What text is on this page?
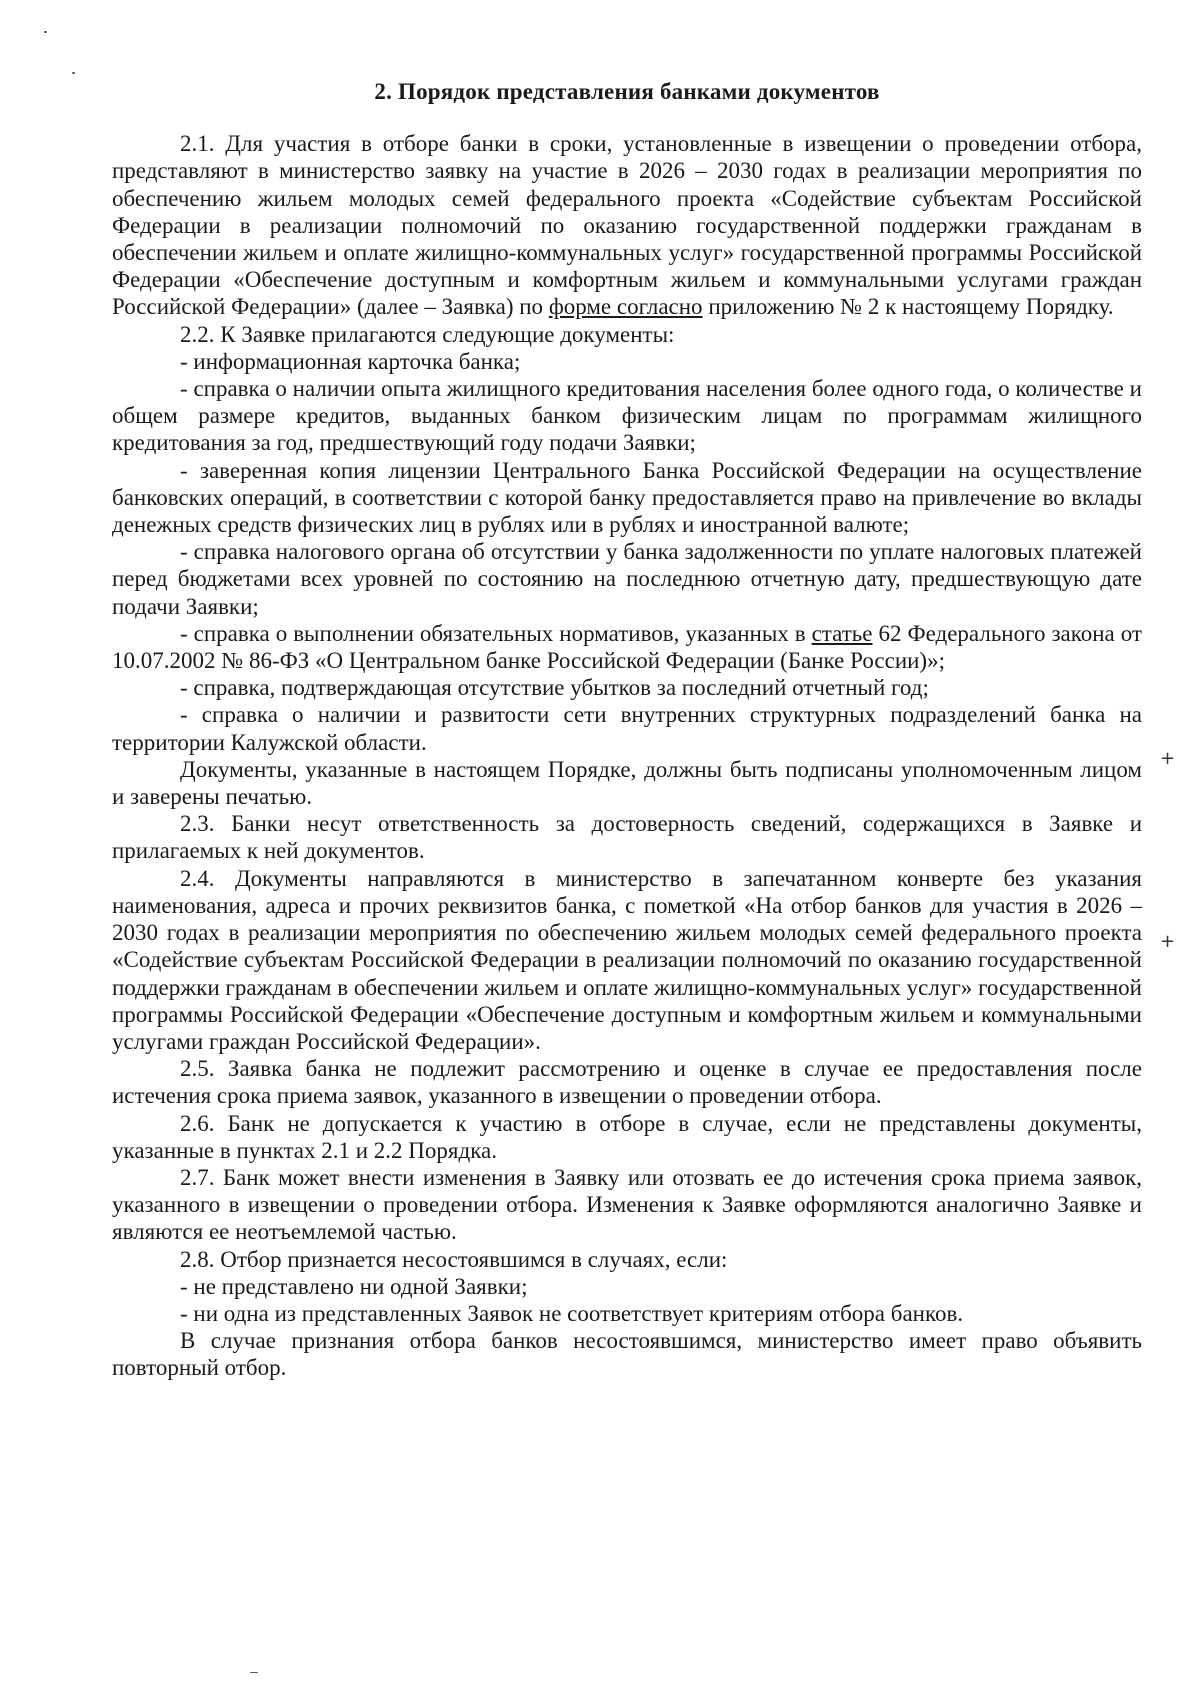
2. Порядок представления банками документов

2.1. Для участия в отборе банки в сроки, установленные в извещении о проведении отбора, представляют в министерство заявку на участие в 2026 – 2030 годах в реализации мероприятия по обеспечению жильем молодых семей федерального проекта «Содействие субъектам Российской Федерации в реализации полномочий по оказанию государственной поддержки гражданам в обеспечении жильем и оплате жилищно-коммунальных услуг» государственной программы Российской Федерации «Обеспечение доступным и комфортным жильем и коммунальными услугами граждан Российской Федерации» (далее – Заявка) по форме согласно приложению № 2 к настоящему Порядку.

2.2. К Заявке прилагаются следующие документы:

- информационная карточка банка;

- справка о наличии опыта жилищного кредитования населения более одного года, о количестве и общем размере кредитов, выданных банком физическим лицам по программам жилищного кредитования за год, предшествующий году подачи Заявки;

- заверенная копия лицензии Центрального Банка Российской Федерации на осуществление банковских операций, в соответствии с которой банку предоставляется право на привлечение во вклады денежных средств физических лиц в рублях или в рублях и иностранной валюте;

- справка налогового органа об отсутствии у банка задолженности по уплате налоговых платежей перед бюджетами всех уровней по состоянию на последнюю отчетную дату, предшествующую дате подачи Заявки;

- справка о выполнении обязательных нормативов, указанных в статье 62 Федерального закона от 10.07.2002 № 86-ФЗ «О Центральном банке Российской Федерации (Банке России)»;

- справка, подтверждающая отсутствие убытков за последний отчетный год;

- справка о наличии и развитости сети внутренних структурных подразделений банка на территории Калужской области.

Документы, указанные в настоящем Порядке, должны быть подписаны уполномоченным лицом и заверены печатью.

2.3. Банки несут ответственность за достоверность сведений, содержащихся в Заявке и прилагаемых к ней документов.

2.4. Документы направляются в министерство в запечатанном конверте без указания наименования, адреса и прочих реквизитов банка, с пометкой «На отбор банков для участия в 2026 – 2030 годах в реализации мероприятия по обеспечению жильем молодых семей федерального проекта «Содействие субъектам Российской Федерации в реализации полномочий по оказанию государственной поддержки гражданам в обеспечении жильем и оплате жилищно-коммунальных услуг» государственной программы Российской Федерации «Обеспечение доступным и комфортным жильем и коммунальными услугами граждан Российской Федерации».

2.5. Заявка банка не подлежит рассмотрению и оценке в случае ее предоставления после истечения срока приема заявок, указанного в извещении о проведении отбора.

2.6. Банк не допускается к участию в отборе в случае, если не представлены документы, указанные в пунктах 2.1 и 2.2 Порядка.

2.7. Банк может внести изменения в Заявку или отозвать ее до истечения срока приема заявок, указанного в извещении о проведении отбора. Изменения к Заявке оформляются аналогично Заявке и являются ее неотъемлемой частью.

2.8. Отбор признается несостоявшимся в случаях, если:

- не представлено ни одной Заявки;

- ни одна из представленных Заявок не соответствует критериям отбора банков.

В случае признания отбора банков несостоявшимся, министерство имеет право объявить повторный отбор.

+
+
